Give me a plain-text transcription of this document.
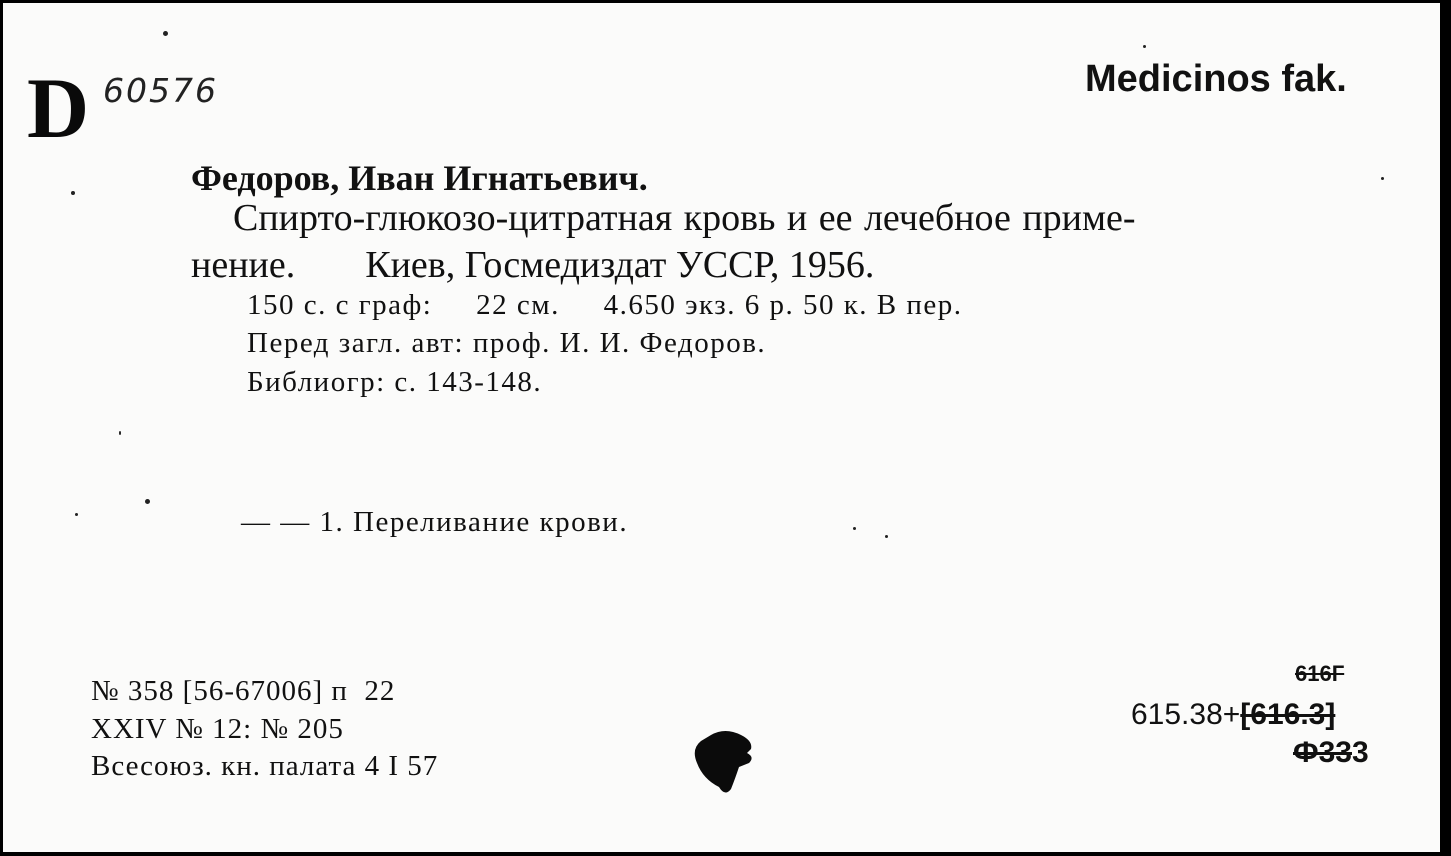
D 60576	Medicinos fak.
Федоров, Иван Игнатьевич.
Спирто-глюкозо-цитратная кровь и ее лечебное приме-
нение. Киев, Госмедиздат УССР, 1956.
150 с. с граф:     22 см.     4.650 экз. 6 р. 50 к. В пер.
Перед загл. авт: проф. И. И. Федоров.
Библиогр: с. 143-148.
— — 1. Переливание крови.
№ 358 [56-67006] п  22
XXIV № 12: № 205
Всесоюз. кн. палата 4 I 57
616Г
615.38+[616.3]
Ф333
